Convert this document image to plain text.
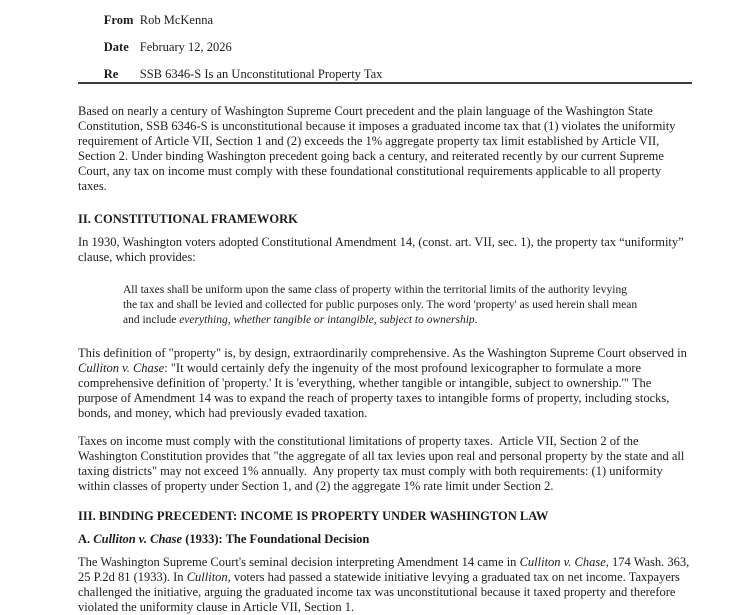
From Rob McKenna

Date February 12, 2026

Re SSB 6346-S Is an Unconstitutional Property Tax

Based on nearly a century of Washington Supreme Court precedent and the plain language of the Washington State Constitution, SSB 6346-S is unconstitutional because it imposes a graduated income tax that (1) violates the uniformity requirement of Article VII, Section 1 and (2) exceeds the 1% aggregate property tax limit established by Article VII, Section 2. Under binding Washington precedent going back a century, and reiterated recently by our current Supreme Court, any tax on income must comply with these foundational constitutional requirements applicable to all property taxes.

II. CONSTITUTIONAL FRAMEWORK

In 1930, Washington voters adopted Constitutional Amendment 14, (const. art. VII, sec. 1), the property tax “uniformity” clause, which provides:

All taxes shall be uniform upon the same class of property within the territorial limits of the authority levying the tax and shall be levied and collected for public purposes only. The word 'property' as used herein shall mean and include everything, whether tangible or intangible, subject to ownership.

This definition of "property" is, by design, extraordinarily comprehensive. As the Washington Supreme Court observed in Culliton v. Chase: "It would certainly defy the ingenuity of the most profound lexicographer to formulate a more comprehensive definition of 'property.' It is 'everything, whether tangible or intangible, subject to ownership.'" The purpose of Amendment 14 was to expand the reach of property taxes to intangible forms of property, including stocks, bonds, and money, which had previously evaded taxation.

Taxes on income must comply with the constitutional limitations of property taxes.  Article VII, Section 2 of the Washington Constitution provides that "the aggregate of all tax levies upon real and personal property by the state and all taxing districts" may not exceed 1% annually.  Any property tax must comply with both requirements: (1) uniformity within classes of property under Section 1, and (2) the aggregate 1% rate limit under Section 2.

III. BINDING PRECEDENT: INCOME IS PROPERTY UNDER WASHINGTON LAW
A. Culliton v. Chase (1933): The Foundational Decision

The Washington Supreme Court's seminal decision interpreting Amendment 14 came in Culliton v. Chase, 174 Wash. 363, 25 P.2d 81 (1933). In Culliton, voters had passed a statewide initiative levying a graduated tax on net income. Taxpayers challenged the initiative, arguing the graduated income tax was unconstitutional because it taxed property and therefore violated the uniformity clause in Article VII, Section 1.
